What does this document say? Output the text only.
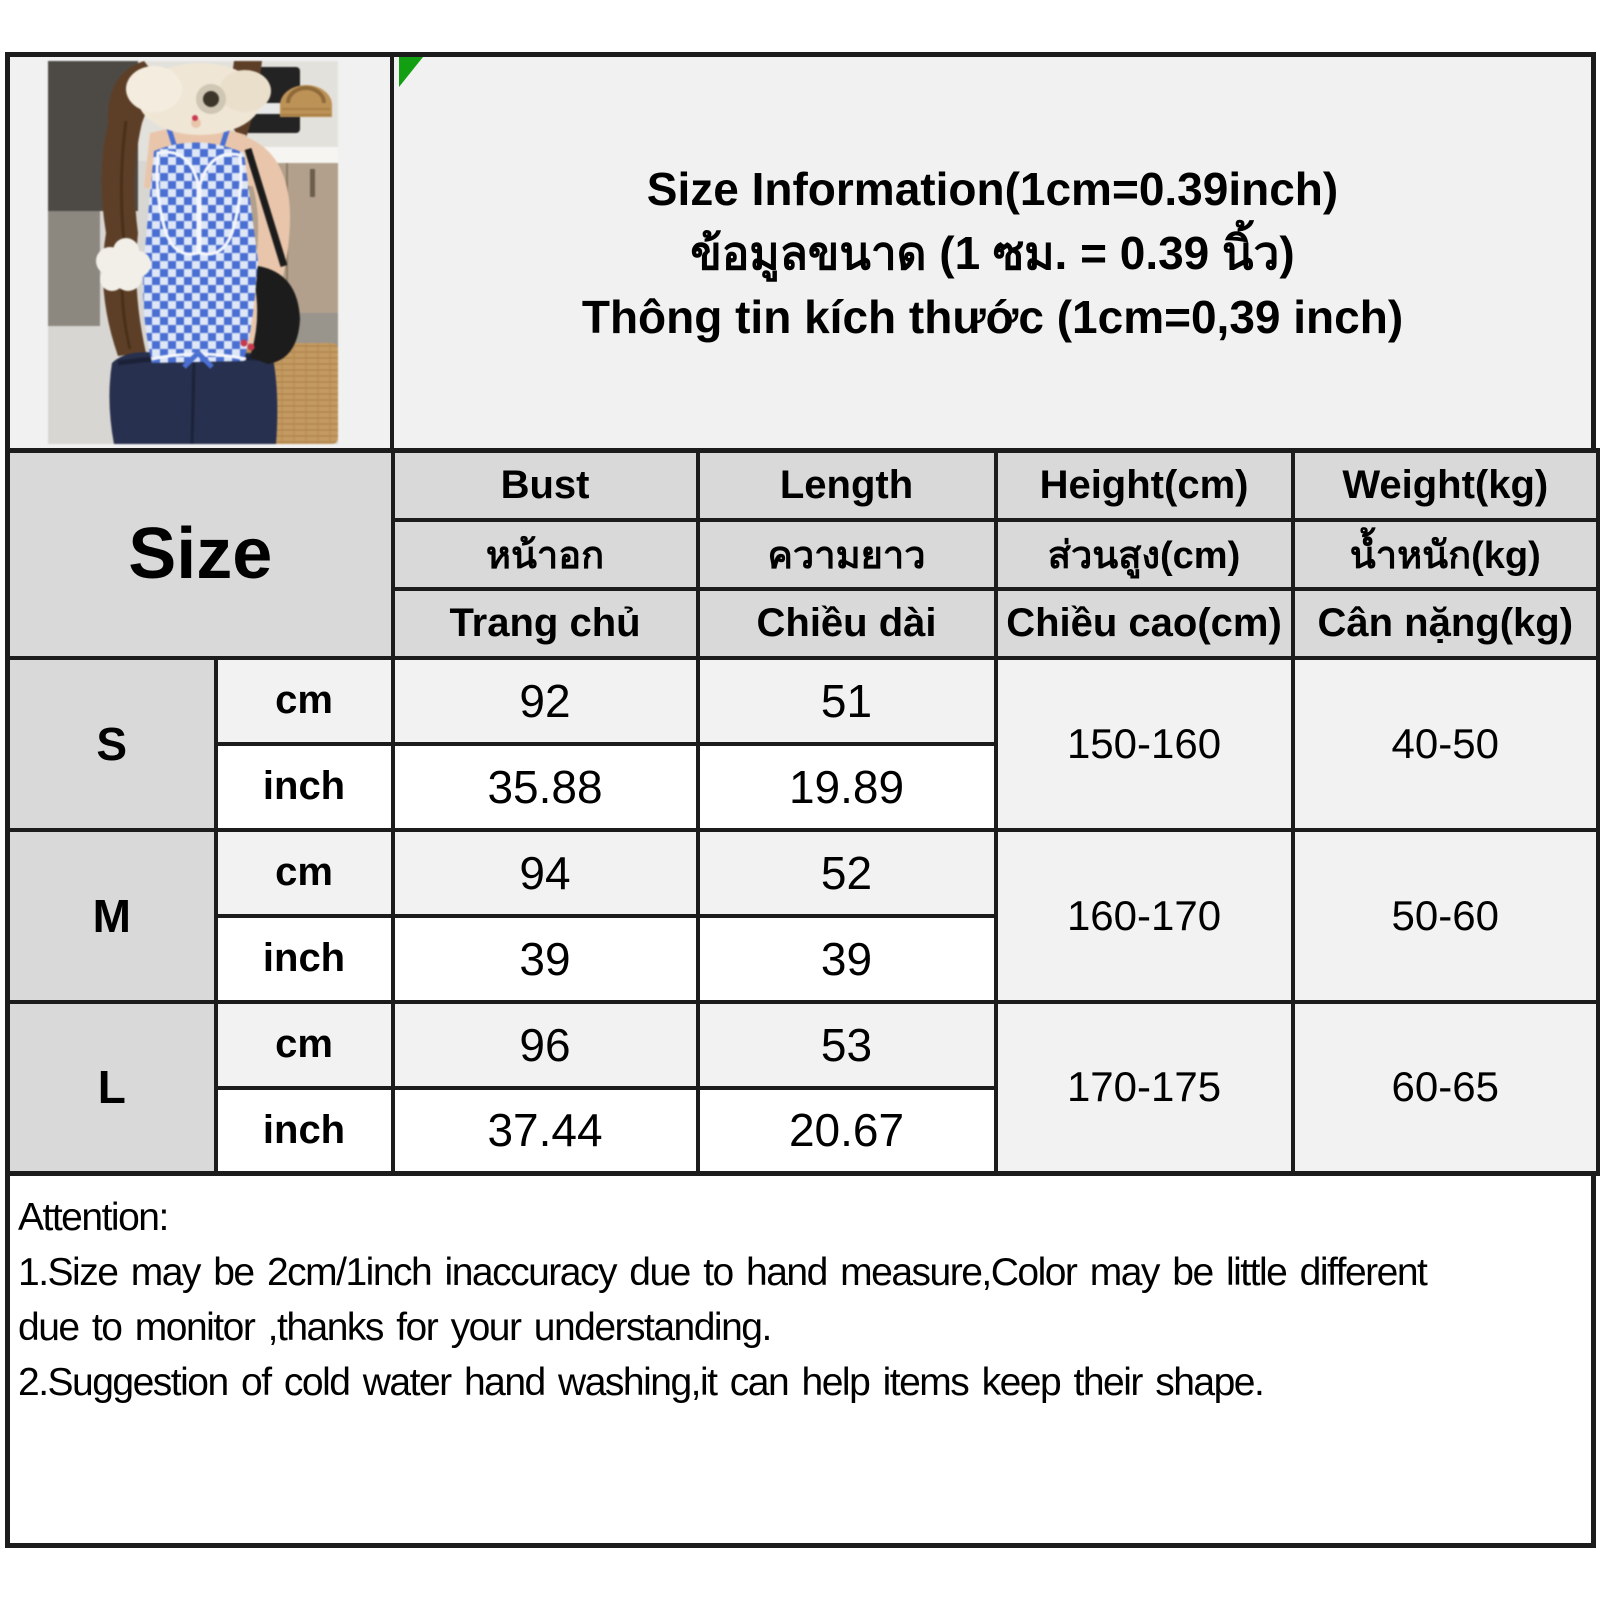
Size Information(1cm=0.39inch)
ข้อมูลขนาด (1 ซม. = 0.39 นิ้ว)
Thông tin kích thước (1cm=0,39 inch)
Size		Bust	Length	Height(cm)	Weight(kg)
		หน้าอก	ความยาว	ส่วนสูง(cm)	น้ำหนัก(kg)
		Trang chủ	Chiều dài	Chiều cao(cm)	Cân nặng(kg)
S	cm	92	51	150-160	40-50
	inch	35.88	19.89		
M	cm	94	52	160-170	50-60
	inch	39	39		
L	cm	96	53	170-175	60-65
	inch	37.44	20.67		
Attention:
1.Size may be 2cm/1inch inaccuracy due to hand measure,Color may be little different
due to monitor ,thanks for your understanding.
2.Suggestion of cold water hand washing,it can help items keep their shape.
